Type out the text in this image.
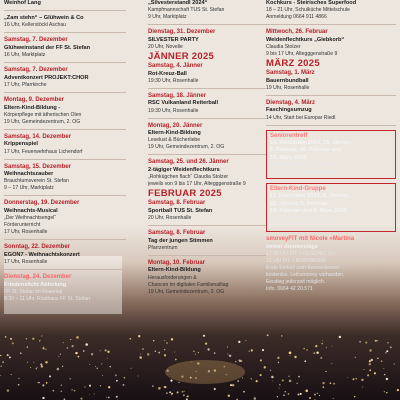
Weinhof Lang
„Zam stehn“ – Glühwein & Co
16 Uhr, Kellerstöckl Aschau
Samstag, 7. Dezember
Glühweinstand der FF St. Stefan
16 Uhr, Marktplatz
Samstag, 7. Dezember
Adventkonzert PROJEKT:CHOR
17 Uhr, Pfarrkirche
Montag, 9. Dezember
Eltern-Kind-Bildung -
Körperpflege mit ätherischen Ölen
19 Uhr, Gemeindezentrum, 2. OG
Samstag, 14. Dezember
Krippenspiel
17 Uhr, Feuerwehrhaus Lichendorf
Samstag, 15. Dezember
Weihnachtszauber
Brauchtumsverein St. Stefan
9 – 17 Uhr, Marktplatz
Donnerstag, 19. Dezember
Weihnachts-Musical
„Der Weihnachtsengel“
Förderunterricht
17 Uhr, Rosenhalle
Sonntag, 22. Dezember
EGON7 - Weihnachtskonzert
17 Uhr, Rosenhalle
Dienstag, 24. Dezember
Friedenslicht Abholung
FF St. Stefan im Rosental
8:30 – 11 Uhr, Rüsthaus FF St. Stefan
„Silvesterstandl 2024“
Kampfmannschaft TUS St. Stefan
9 Uhr, Marktplatz
Dienstag, 31. Dezember
SILVESTER PARTY
20 Uhr, Novelle
JÄNNER 2025
Samstag, 4. Jänner
Rot-Kreuz-Ball
19:30 Uhr, Rosenhalle
Samstag, 18. Jänner
RSC Vulkanland Reiterball
19:30 Uhr, Rosenhalle
Montag, 20. Jänner
Eltern-Kind-Bildung
Leselust & Bücherliebe
19 Uhr, Gemeindezentrum, 2. OG
Samstag, 25. und 26. Jänner
2-tägiger Weidenflechtkurs
„Rohkügchen flach“ Claudia Stolzer
jeweils von 9 bis 17 Uhr, Altegggenstraße 9
FEBRUAR 2025
Samstag, 8. Februar
Sportball TUS St. Stefan
20 Uhr, Rosenhalle
Samstag, 8. Februar
Tag der jungen Stimmen
Pfarrzentrum
Montag, 10. Februar
Eltern-Kind-Bildung
Herausforderungen &
Chancen im digitalen Familienalltag
19 Uhr, Gemeindezentrum, 2. OG
Kochkurs - Steirisches Superfood
18 – 21 Uhr, Schulküche Mittelschule
Anmeldung 0664 911 4866
Mittwoch, 26. Februar
Weidenflechtkurs „Giebkorb“
Claudia Stolzer
9 bis 17 Uhr, Altegggenstraße 9
MÄRZ 2025
Samstag, 1. März
Bauernbundball
19 Uhr, Rosenhalle
Dienstag, 4. März
Faschingsumzug
14 Uhr, Start bei Europar Riedl
Seniorentreff
18. Dezember 2024, 15. Jänner,
5. Februar, 26. Februar und
19. März 2025
jeweils von 14 bis 17 Uhr im
2. OG des Gemeindezentrum
Eltern-Kind-Gruppe
11. Dezember 2024, 8. Jänner,
22. Jänner, 5. Februar,
19. Februar und 5. März 2025
jeweils von 9 – 11 Uhr im
Feuerwehrhaus St. Stefan im Rosental
smoveyFIT mit Nicole »Martina
immer donnerstags
17:30 Uhr FIT + GESUND, 60+
19 Uhr FIT + BODYWORK
Erste Einheit zum Kennenlernen
kostenlos. Leihsmovey vorhanden.
Einstieg jederzeit möglich.
Info. 0664 42 20.571
